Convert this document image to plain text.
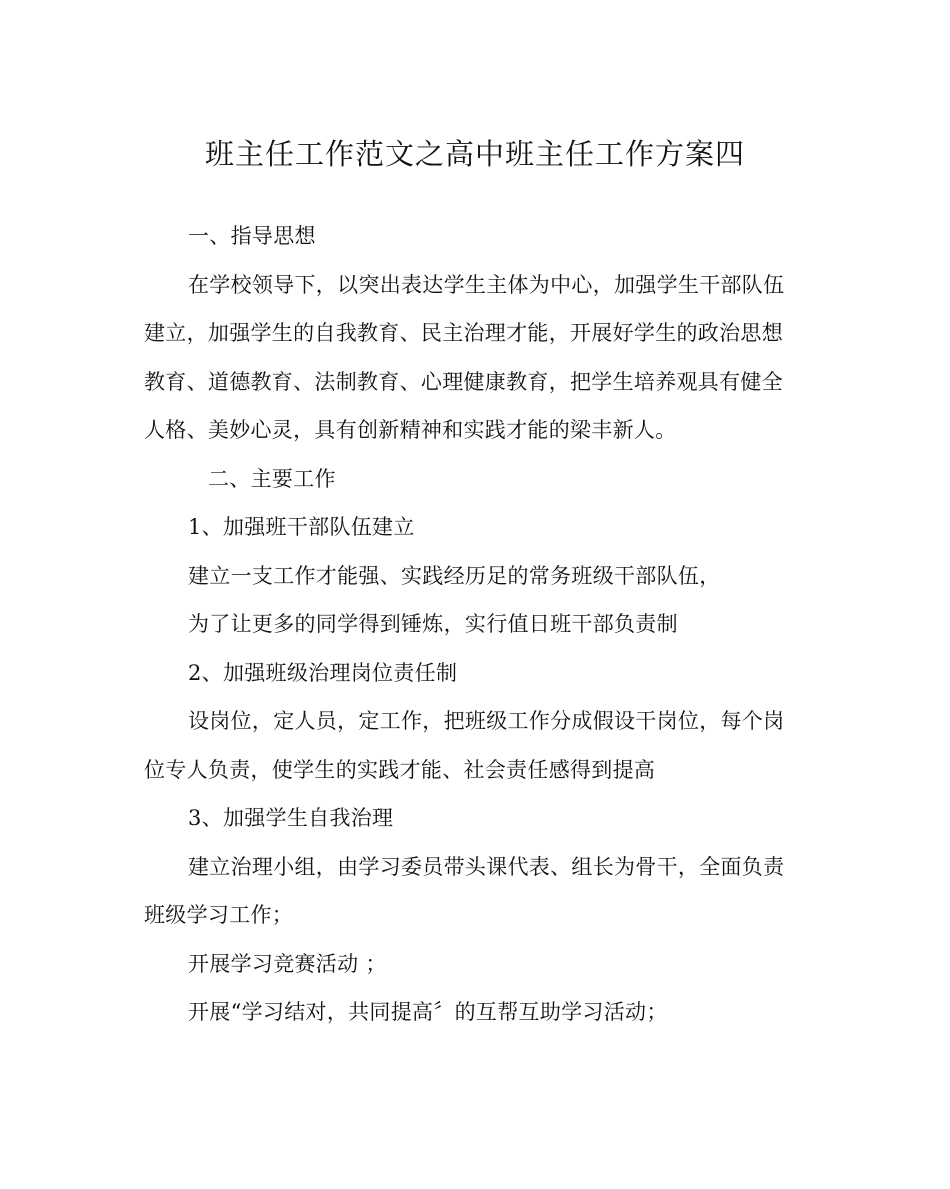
班主任工作范文之高中班主任工作方案四
一、指导思想
在学校领导下，以突出表达学生主体为中心，加强学生干部队伍
建立，加强学生的自我教育、民主治理才能，开展好学生的政治思想
教育、道德教育、法制教育、心理健康教育，把学生培养观具有健全
人格、美妙心灵，具有创新精神和实践才能的梁丰新人。
二、主要工作
1、加强班干部队伍建立
建立一支工作才能强、实践经历足的常务班级干部队伍，
为了让更多的同学得到锤炼，实行值日班干部负责制
2、加强班级治理岗位责任制
设岗位，定人员，定工作，把班级工作分成假设干岗位，每个岗
位专人负责，使学生的实践才能、社会责任感得到提高
3、加强学生自我治理
建立治理小组，由学习委员带头课代表、组长为骨干，全面负责
班级学习工作；
开展学习竞赛活动 ；
开展“学习结对，共同提高〞的互帮互助学习活动；
